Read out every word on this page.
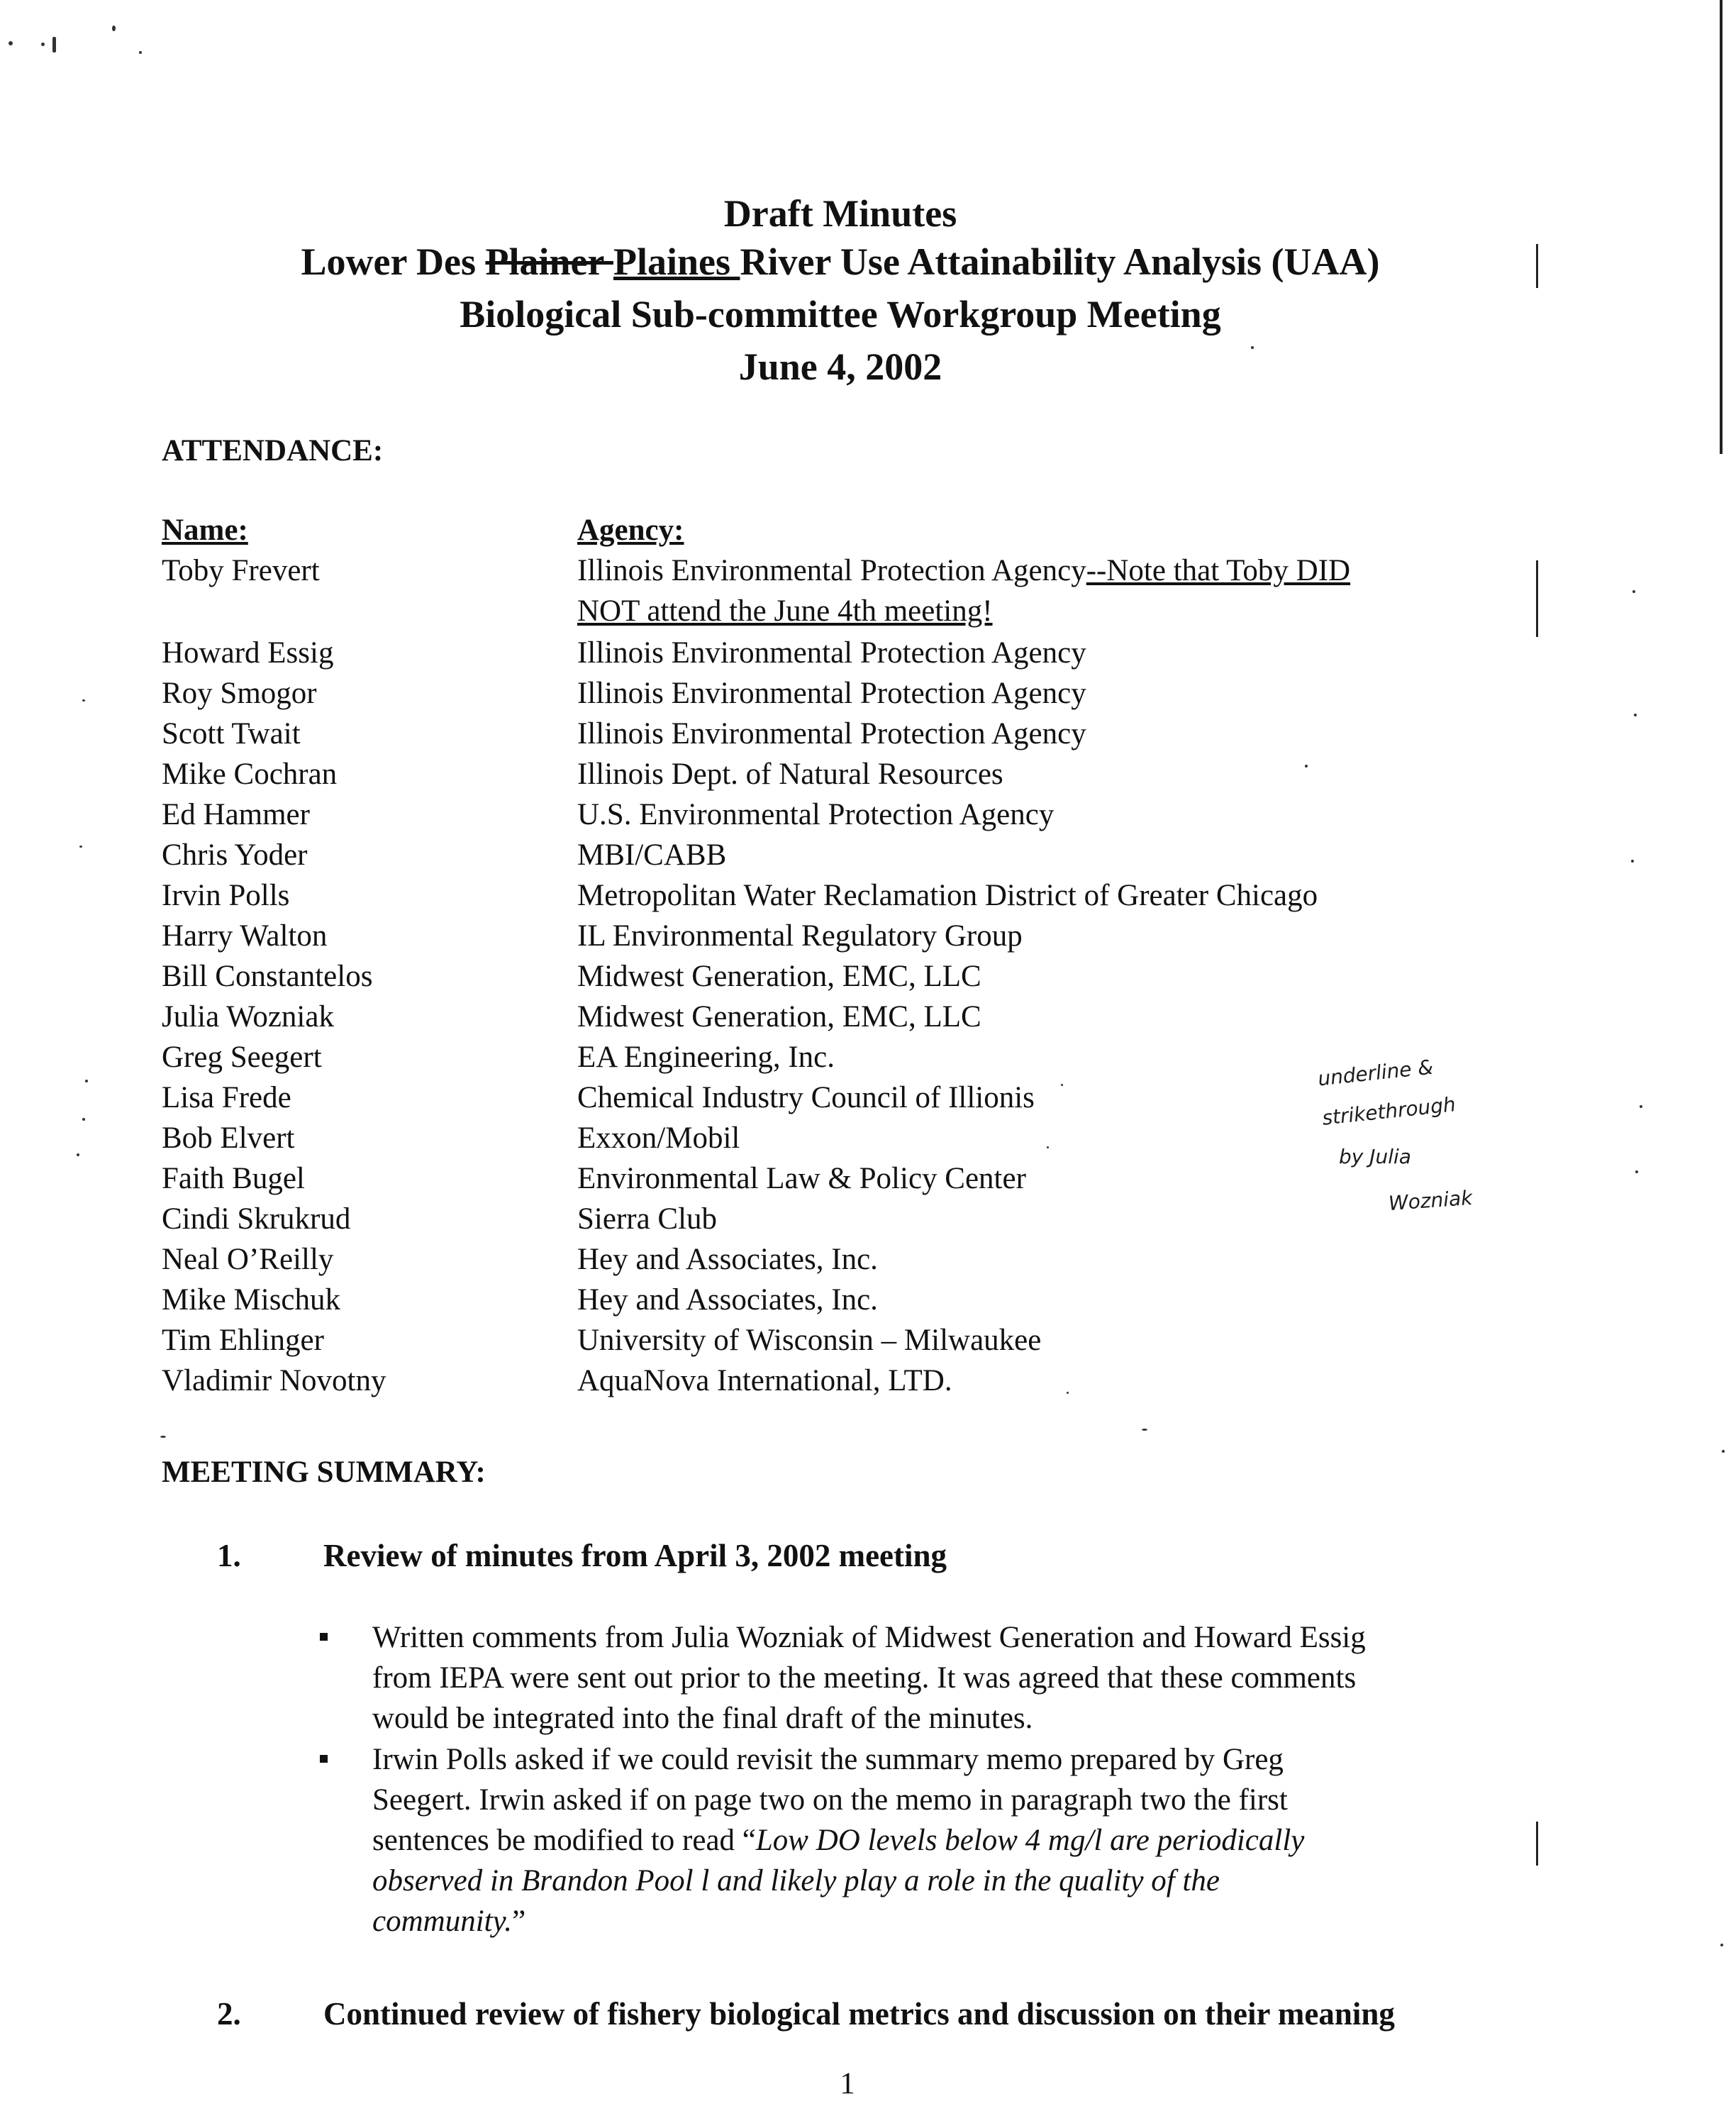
Draft Minutes
Lower Des Plainer Plaines River Use Attainability Analysis (UAA)
Biological Sub-committee Workgroup Meeting
June 4, 2002
ATTENDANCE:
Name:	Agency:
Toby Frevert	Illinois Environmental Protection Agency--Note that Toby DID
NOT attend the June 4th meeting!
Howard Essig	Illinois Environmental Protection Agency
Roy Smogor	Illinois Environmental Protection Agency
Scott Twait	Illinois Environmental Protection Agency
Mike Cochran	Illinois Dept. of Natural Resources
Ed Hammer	U.S. Environmental Protection Agency
Chris Yoder	MBI/CABB
Irvin Polls	Metropolitan Water Reclamation District of Greater Chicago
Harry Walton	IL Environmental Regulatory Group
Bill Constantelos	Midwest Generation, EMC, LLC
Julia Wozniak	Midwest Generation, EMC, LLC
Greg Seegert	EA Engineering, Inc.
Lisa Frede	Chemical Industry Council of Illionis
Bob Elvert	Exxon/Mobil
Faith Bugel	Environmental Law & Policy Center
Cindi Skrukrud	Sierra Club
Neal O’Reilly	Hey and Associates, Inc.
Mike Mischuk	Hey and Associates, Inc.
Tim Ehlinger	University of Wisconsin – Milwaukee
Vladimir Novotny	AquaNova International, LTD.
underline &
strikethrough
by Julia
Wozniak
MEETING SUMMARY:
1.	Review of minutes from April 3, 2002 meeting
Written comments from Julia Wozniak of Midwest Generation and Howard Essig
from IEPA were sent out prior to the meeting. It was agreed that these comments
would be integrated into the final draft of the minutes.
Irwin Polls asked if we could revisit the summary memo prepared by Greg
Seegert. Irwin asked if on page two on the memo in paragraph two the first
sentences be modified to read “Low DO levels below 4 mg/l are periodically
observed in Brandon Pool l and likely play a role in the quality of the
community.”
2.	Continued review of fishery biological metrics and discussion on their meaning
1
